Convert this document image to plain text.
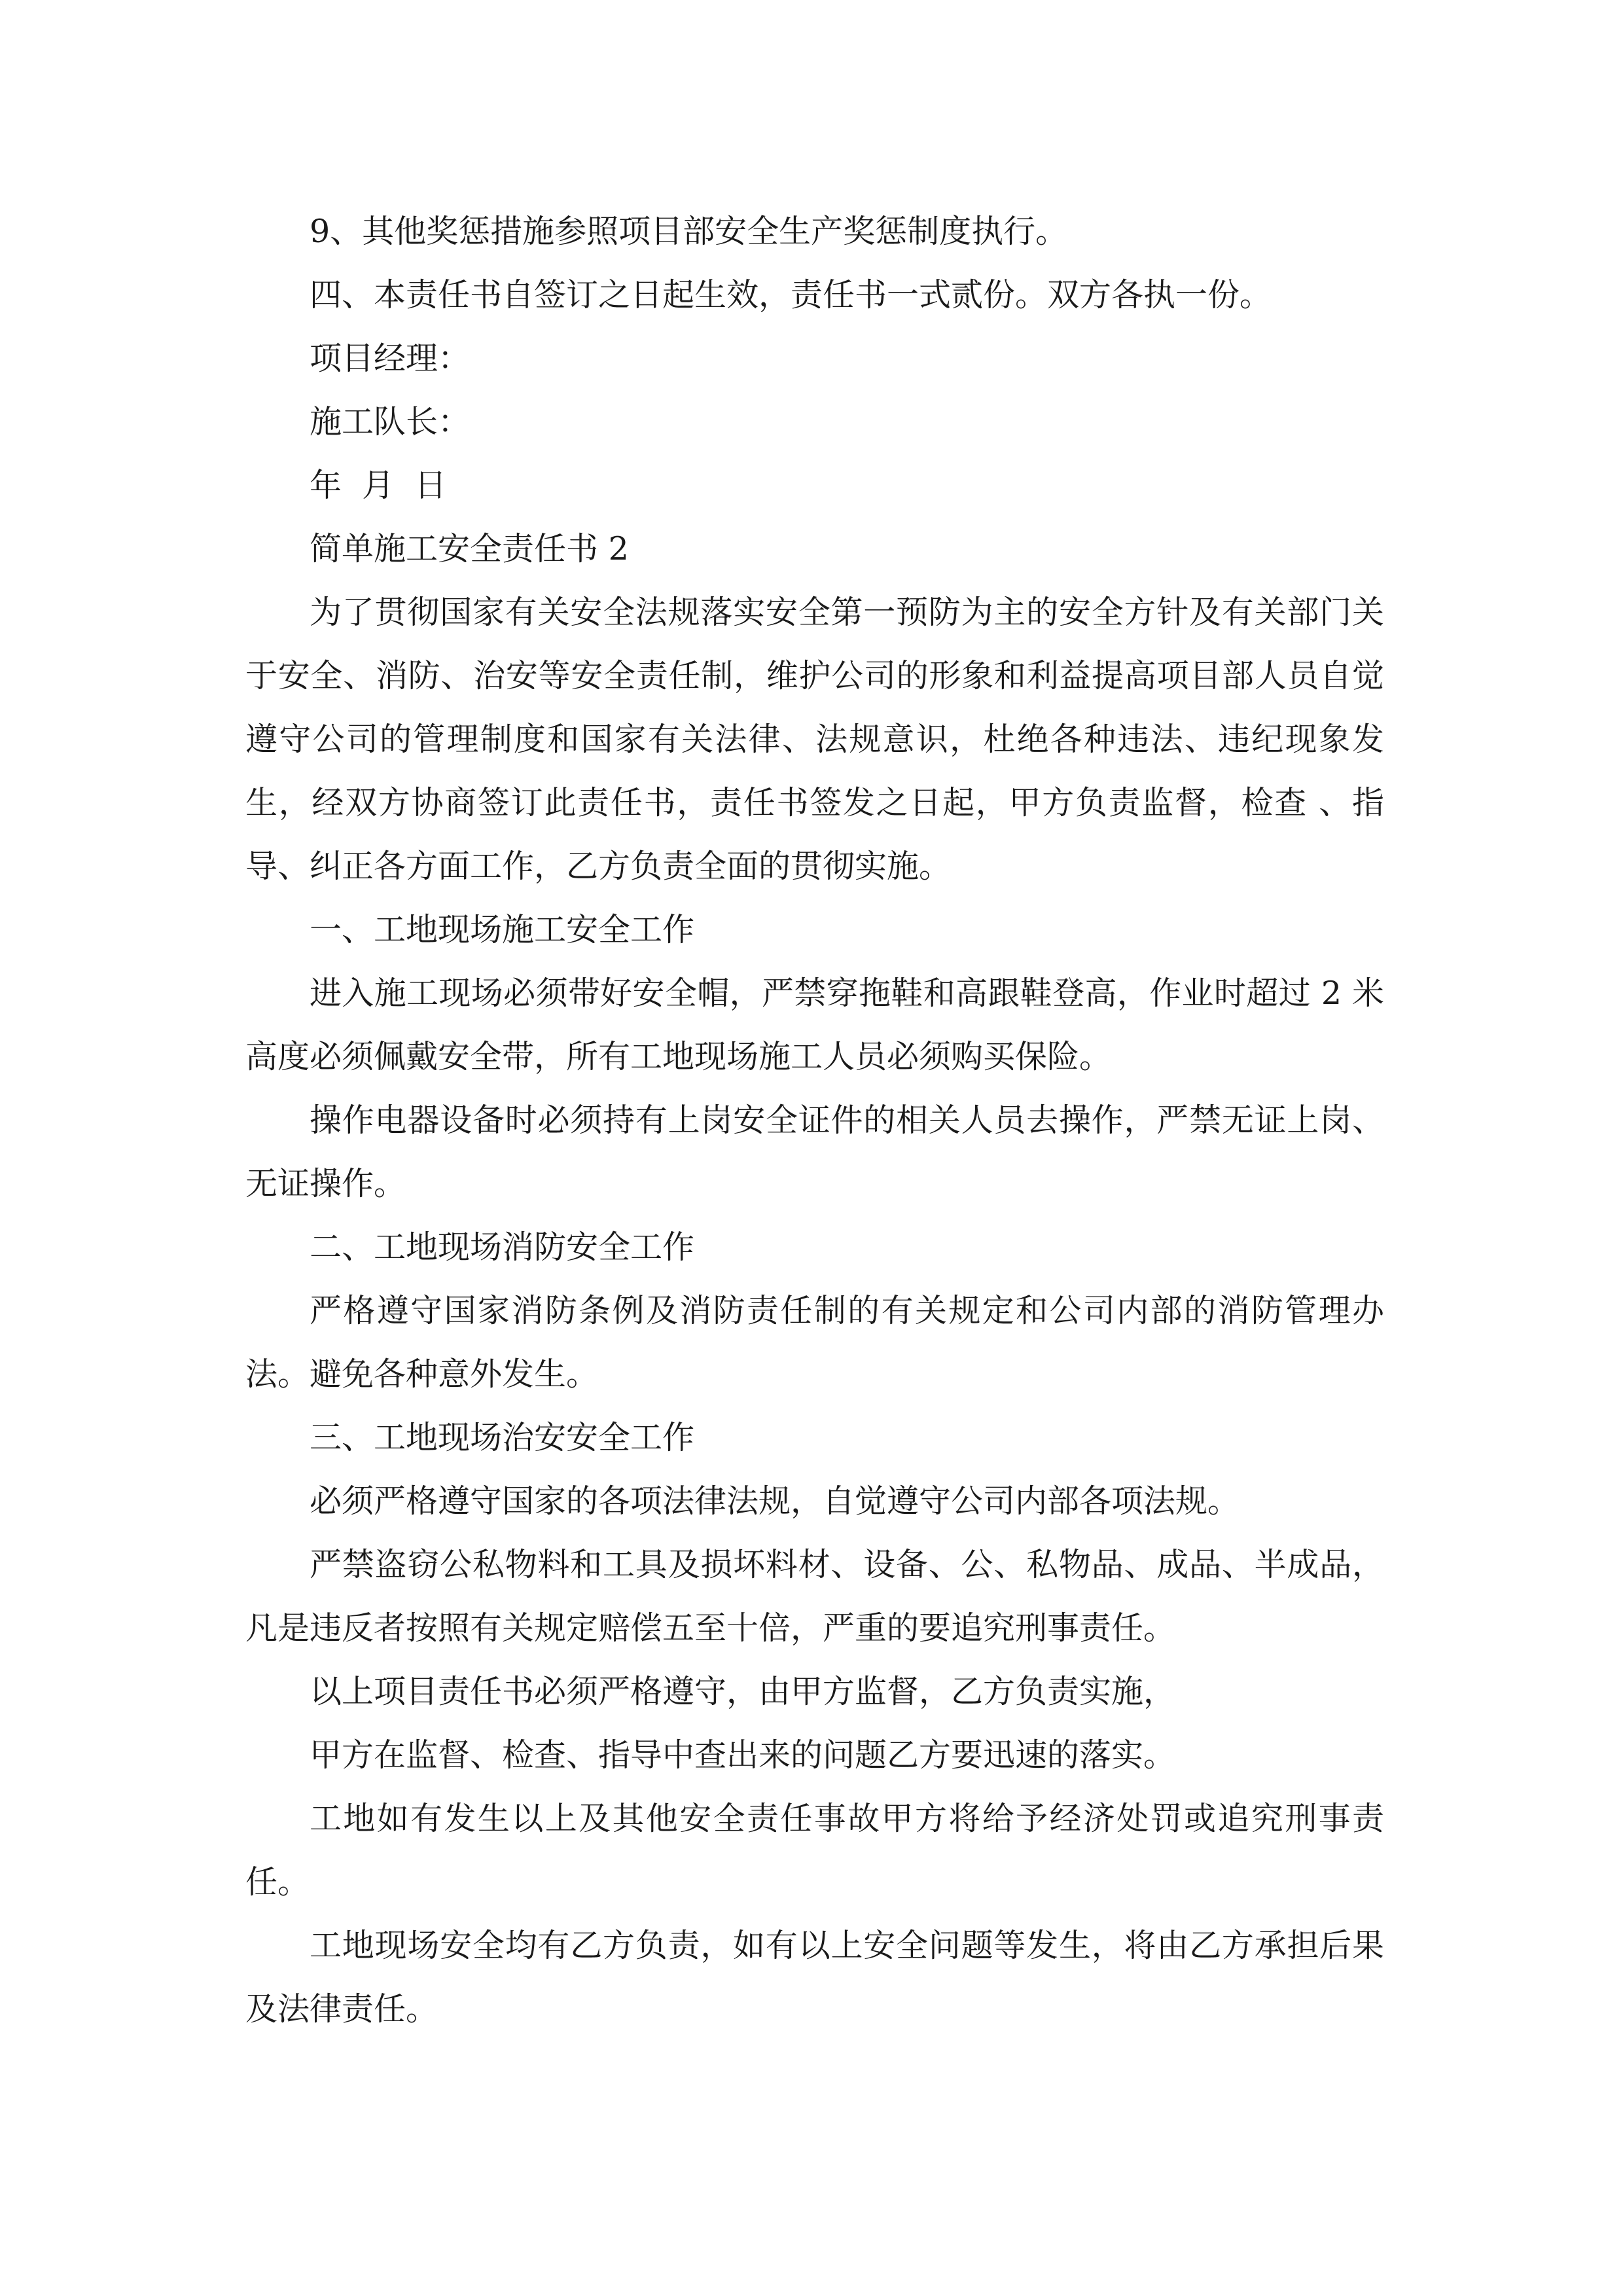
9、其他奖惩措施参照项目部安全生产奖惩制度执行。

四、本责任书自签订之日起生效，责任书一式贰份。双方各执一份。

项目经理：

施工队长：

年  月  日

简单施工安全责任书 2

为了贯彻国家有关安全法规落实安全第一预防为主的安全方针及有关部门关于安全、消防、治安等安全责任制，维护公司的形象和利益提高项目部人员自觉遵守公司的管理制度和国家有关法律、法规意识，杜绝各种违法、违纪现象发生，经双方协商签订此责任书，责任书签发之日起，甲方负责监督，检查 、指导、纠正各方面工作，乙方负责全面的贯彻实施。

一、工地现场施工安全工作

进入施工现场必须带好安全帽，严禁穿拖鞋和高跟鞋登高，作业时超过 2 米高度必须佩戴安全带，所有工地现场施工人员必须购买保险。

操作电器设备时必须持有上岗安全证件的相关人员去操作，严禁无证上岗、无证操作。

二、工地现场消防安全工作

严格遵守国家消防条例及消防责任制的有关规定和公司内部的消防管理办法。避免各种意外发生。

三、工地现场治安安全工作

必须严格遵守国家的各项法律法规，自觉遵守公司内部各项法规。

严禁盗窃公私物料和工具及损坏料材、设备、公、私物品、成品、半成品，凡是违反者按照有关规定赔偿五至十倍，严重的要追究刑事责任。

以上项目责任书必须严格遵守，由甲方监督，乙方负责实施，

甲方在监督、检查、指导中查出来的问题乙方要迅速的落实。

工地如有发生以上及其他安全责任事故甲方将给予经济处罚或追究刑事责任。

工地现场安全均有乙方负责，如有以上安全问题等发生，将由乙方承担后果及法律责任。
